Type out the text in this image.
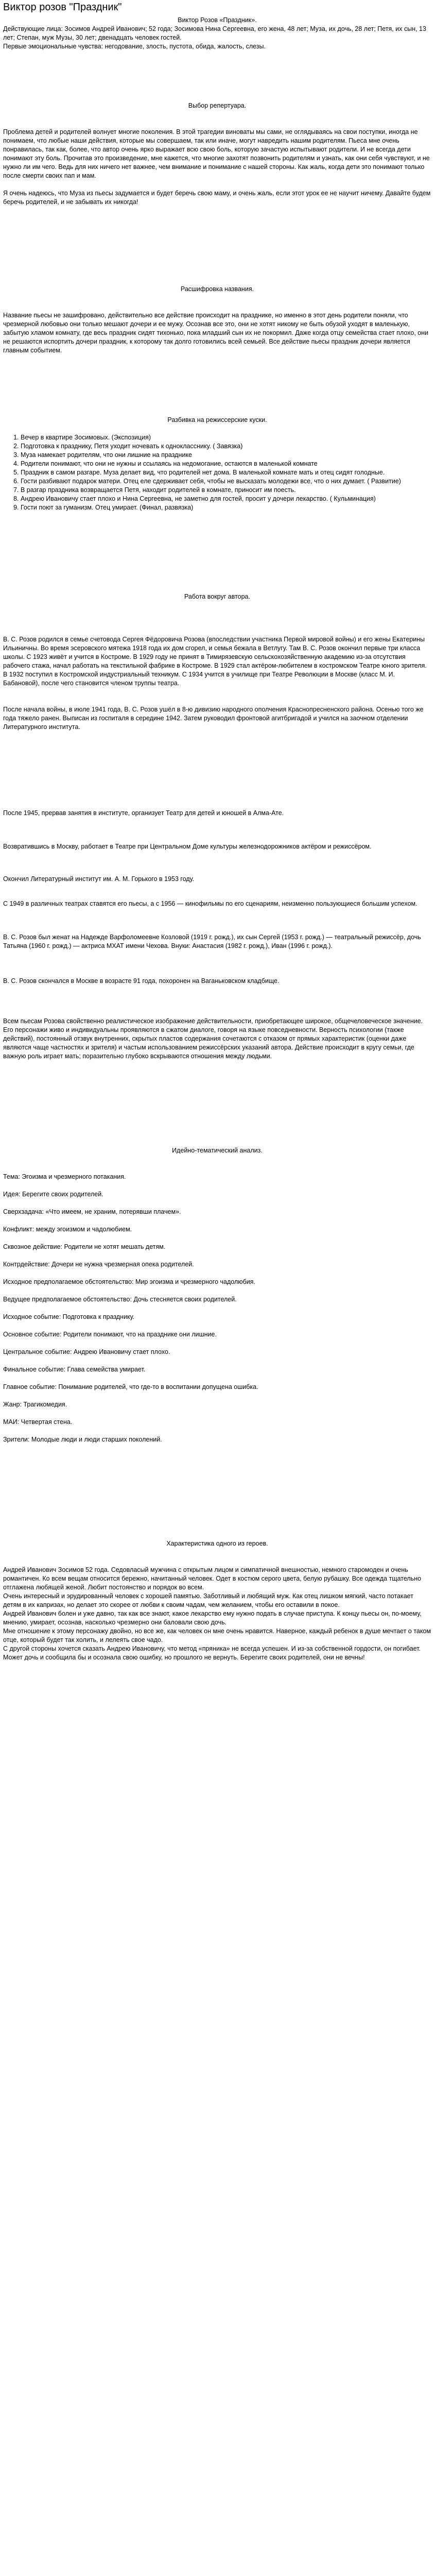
Виктор розов "Праздник"

Виктор Розов «Праздник».

Действующие лица: Зосимов Андрей Иванович; 52 года; Зосимова Нина Сергеевна, его жена, 48 лет; Муза, их дочь, 28 лет; Петя, их сын, 13 лет; Степан, муж Музы, 30 лет; двенадцать человек гостей.

Первые эмоциональные чувства: негодование, злость, пустота, обида, жалость, слезы.

Выбор репертуара.

Проблема детей и родителей волнует многие поколения. В этой трагедии виноваты мы сами, не оглядываясь на свои поступки, иногда не понимаем, что любые наши действия, которые мы совершаем, так или иначе, могут навредить нашим родителям. Пьеса мне очень понравилась, так как, более, что автор очень ярко выражает всю свою боль, которую зачастую испытывают родители. И не всегда дети понимают эту боль. Прочитав это произведение, мне кажется, что многие захотят позвонить родителям и узнать, как они себя чувствуют, и не нужно ли им чего. Ведь для них ничего нет важнее, чем внимание и понимание с нашей стороны. Как жаль, когда дети это понимают только после смерти своих пап и мам.

Я очень надеюсь, что Муза из пьесы задумается и будет беречь свою маму, и очень жаль, если этот урок ее не научит ничему. Давайте будем беречь родителей, и не забывать их никогда!

Расшифровка названия.

Название пьесы не зашифровано, действительно все действие происходит на празднике, но именно в этот день родители поняли, что чрезмерной любовью они только мешают дочери и ее мужу. Осознав все это, они не хотят никому не быть обузой уходят в маленькую, забытую хламом комнату, где весь праздник сидят тихонько, пока младший сын их не покормил. Даже когда отцу семейства стает плохо, они не решаются испортить дочери праздник, к которому так долго готовились всей семьей. Все действие пьесы праздник дочери является главным событием.

Разбивка на режиссерские куски.

1. Вечер в квартире Зосимовых. (Экспозиция)
2. Подготовка к празднику, Петя уходит ночевать к однокласснику. ( Завязка)
3. Муза намекает родителям, что они лишние на празднике
4. Родители понимают, что они не нужны и ссылаясь на недомогание, остаются в маленькой комнате
5. Праздник в самом разгаре. Муза делает вид, что родителей нет дома. В маленькой комнате мать и отец сидят голодные.
6. Гости разбивают подарок матери. Отец еле сдерживает себя, чтобы не высказать молодежи все, что о них думает. ( Развитие)
7. В разгар праздника возвращается Петя, находит родителей в комнате, приносит им поесть.
8. Андрею Ивановичу стает плохо и Нина Сергеевна, не заметно для гостей, просит у дочери лекарство. ( Кульминация)
9. Гости поют за гуманизм. Отец умирает. (Финал, развязка)

Работа вокруг автора.

В. С. Розов родился в семье счетовода Сергея Фёдоровича Розова (впоследствии участника Первой мировой войны) и его жены Екатерины Ильиничны. Во время эсеровского мятежа 1918 года их дом сгорел, и семья бежала в Ветлугу. Там В. С. Розов окончил первые три класса школы. С 1923 живёт и учится в Костроме. В 1929 году не принят в Тимирязевскую сельскохозяйственную академию из-за отсутствия рабочего стажа, начал работать на текстильной фабрике в Костроме. В 1929 стал актёром-любителем в костромском Театре юного зрителя. В 1932 поступил в Костромской индустриальный техникум. С 1934 учится в училище при Театре Революции в Москве (класс М. И. Бабановой), после чего становится членом труппы театра.

После начала войны, в июле 1941 года, В. С. Розов ушёл в 8-ю дивизию народного ополчения Краснопресненского района. Осенью того же года тяжело ранен. Выписан из госпиталя в середине 1942. Затем руководил фронтовой агитбригадой и учился на заочном отделении Литературного института.

После 1945, прервав занятия в институте, организует Театр для детей и юношей в Алма-Ате.

Возвратившись в Москву, работает в Театре при Центральном Доме культуры железнодорожников актёром и режиссёром.

Окончил Литературный институт им. А. М. Горького в 1953 году.

С 1949 в различных театрах ставятся его пьесы, а с 1956 — кинофильмы по его сценариям, неизменно пользующиеся большим успехом.

В. С. Розов был женат на Надежде Варфоломеевне Козловой (1919 г. рожд.), их сын Сергей (1953 г. рожд.) — театральный режиссёр, дочь Татьяна (1960 г. рожд.) — актриса МХАТ имени Чехова. Внуки: Анастасия (1982 г. рожд.), Иван (1996 г. рожд.).

В. С. Розов скончался в Москве в возрасте 91 года, похоронен на Ваганьковском кладбище.

Всем пьесам Розова свойственно реалистическое изображение действительности, приобретающее широкое, общечеловеческое значение. Его персонажи живо и индивидуальны проявляются в сжатом диалоге, говоря на языке повседневности. Верность психологии (также действий), постоянный отзвук внутренних, скрытых пластов содержания сочетаются с отказом от прямых характеристик (оценки даже являются чаще частностях и зрителя) и частым использованием режиссёрских указаний автора. Действие происходит в кругу семьи, где важную роль играет мать; поразительно глубоко вскрываются отношения между людьми.

Идейно-тематический анализ.

Тема: Эгоизма и чрезмерного потакания.

Идея: Берегите своих родителей.

Сверхзадача: «Что имеем, не храним, потерявши плачем».

Конфликт: между эгоизмом и чадолюбием.

Сквозное действие: Родители не хотят мешать детям.

Контрдействие: Дочери не нужна чрезмерная опека родителей.

Исходное предполагаемое обстоятельство: Мир эгоизма и чрезмерного чадолюбия.

Ведущее предполагаемое обстоятельство: Дочь стесняется своих родителей.

Исходное событие: Подготовка к празднику.

Основное событие: Родители понимают, что на празднике они лишние.

Центральное событие: Андрею Ивановичу стает плохо.

Финальное событие: Глава семейства умирает.

Главное событие: Понимание родителей, что где-то в воспитании допущена ошибка.

Жанр: Трагикомедия.

МАИ: Четвертая стена.

Зрители: Молодые люди и люди старших поколений.

Характеристика одного из героев.

Андрей Иванович Зосимов 52 года. Седовласый мужчина с открытым лицом и симпатичной внешностью, немного старомоден и очень романтичен. Ко всем вещам относится бережно, начитанный человек. Одет в костюм серого цвета, белую рубашку. Все одежда тщательно отглажена любящей женой. Любит постоянство и порядок во всем.

Очень интересный и эрудированный человек с хорошей памятью. Заботливый и любящий муж. Как отец лишком мягкий, часто потакает детям в их капризах, но делает это скорее от любви к своим чадам, чем желанием, чтобы его оставили в покое.

Андрей Иванович болен и уже давно, так как все знают, какое лекарство ему нужно подать в случае приступа. К концу пьесы он, по-моему, мнению, умирает, осознав, насколько чрезмерно они баловали свою дочь.

Мне отношение к этому персонажу двойно, но все же, как человек он мне очень нравится. Наверное, каждый ребенок в душе мечтает о таком отце, который будет так холить, и лелеять свое чадо.

С другой стороны хочется сказать Андрею Ивановичу, что метод «пряника» не всегда успешен. И из-за собственной гордости, он погибает. Может дочь и сообщила бы и осознала свою ошибку, но прошлого не вернуть. Берегите своих родителей, они не вечны!
